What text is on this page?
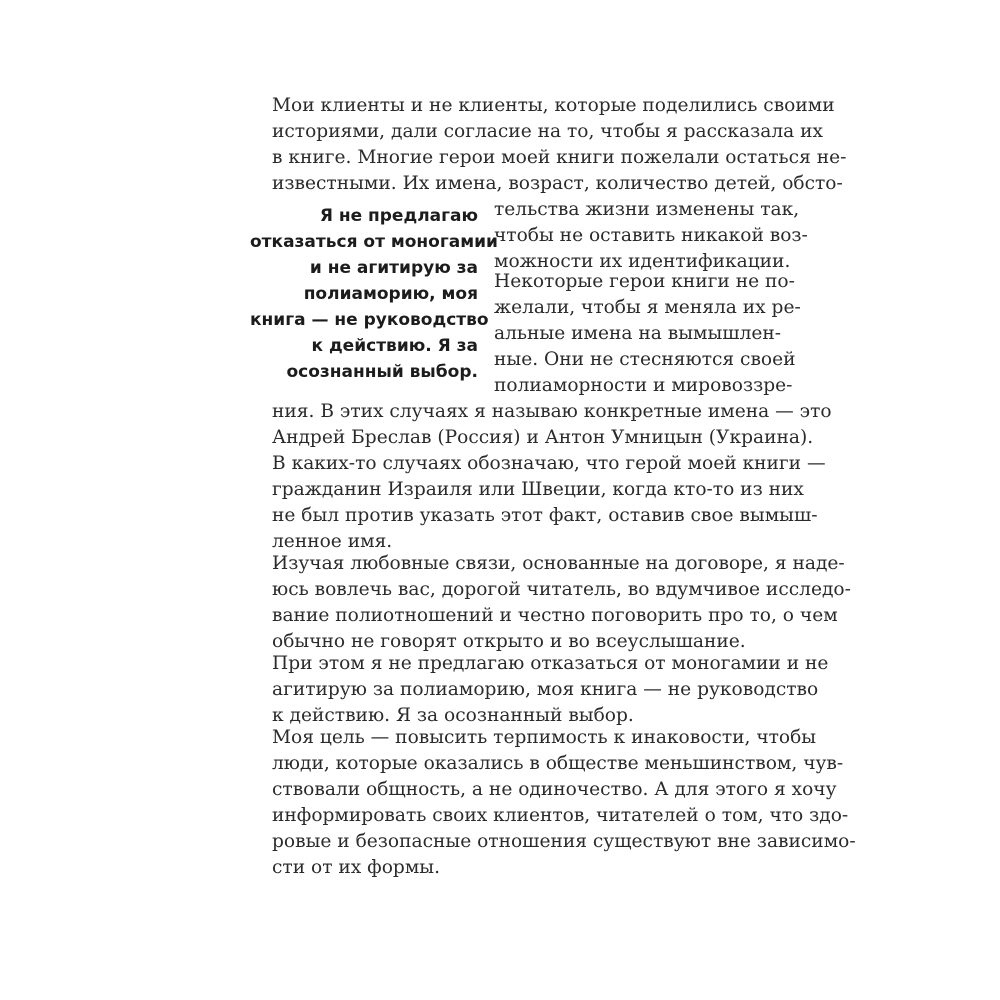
Я не предлагаю
отказаться от моногамии
и не агитирую за
полиаморию, моя
книга — не руководство
к действию. Я за
осознанный выбор.
Мои клиенты и не клиенты, которые поделились своими
историями, дали согласие на то, чтобы я рассказала их
в книге. Многие герои моей книги пожелали остаться не-
известными. Их имена, возраст, количество детей, обсто-
тельства жизни изменены так,
чтобы не оставить никакой воз-
можности их идентификации.
Некоторые герои книги не по-
желали, чтобы я меняла их ре-
альные имена на вымышлен-
ные. Они не стесняются своей
полиаморности и мировоззре-
ния. В этих случаях я называю конкретные имена — это
Андрей Бреслав (Россия) и Антон Умницын (Украина).
В каких-то случаях обозначаю, что герой моей книги —
гражданин Израиля или Швеции, когда кто-то из них
не был против указать этот факт, оставив свое вымыш-
ленное имя.
Изучая любовные связи, основанные на договоре, я наде-
юсь вовлечь вас, дорогой читатель, во вдумчивое исследо-
вание полиотношений и честно поговорить про то, о чем
обычно не говорят открыто и во всеуслышание.
При этом я не предлагаю отказаться от моногамии и не
агитирую за полиаморию, моя книга — не руководство
к действию. Я за осознанный выбор.
Моя цель — повысить терпимость к инаковости, чтобы
люди, которые оказались в обществе меньшинством, чув-
ствовали общность, а не одиночество. А для этого я хочу
информировать своих клиентов, читателей о том, что здо-
ровые и безопасные отношения существуют вне зависимо-
сти от их формы.
